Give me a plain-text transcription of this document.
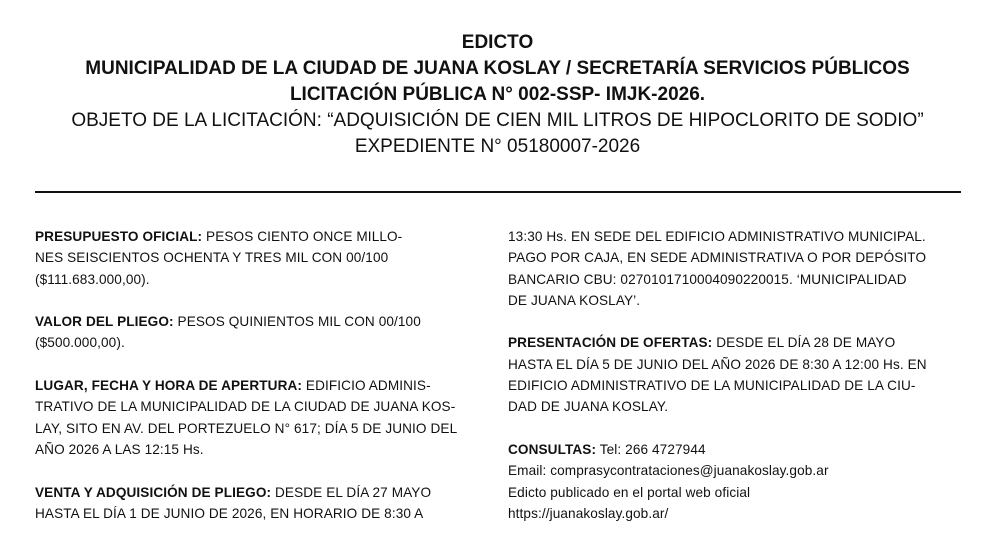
EDICTO
MUNICIPALIDAD DE LA CIUDAD DE JUANA KOSLAY / SECRETARÍA SERVICIOS PÚBLICOS
LICITACIÓN PÚBLICA N° 002-SSP- IMJK-2026.
OBJETO DE LA LICITACIÓN: “ADQUISICIÓN DE CIEN MIL LITROS DE HIPOCLORITO DE SODIO”
EXPEDIENTE N° 05180007-2026
PRESUPUESTO OFICIAL: PESOS CIENTO ONCE MILLO-
NES SEISCIENTOS OCHENTA Y TRES MIL CON 00/100
($111.683.000,00).
VALOR DEL PLIEGO: PESOS QUINIENTOS MIL CON 00/100
($500.000,00).
LUGAR, FECHA Y HORA DE APERTURA: EDIFICIO ADMINIS-
TRATIVO DE LA MUNICIPALIDAD DE LA CIUDAD DE JUANA KOS-
LAY, SITO EN AV. DEL PORTEZUELO N° 617; DÍA 5 DE JUNIO DEL
AÑO 2026 A LAS 12:15 Hs.
VENTA Y ADQUISICIÓN DE PLIEGO: DESDE EL DÍA 27 MAYO
HASTA EL DÍA 1 DE JUNIO DE 2026, EN HORARIO DE 8:30 A
13:30 Hs. EN SEDE DEL EDIFICIO ADMINISTRATIVO MUNICIPAL.
PAGO POR CAJA, EN SEDE ADMINISTRATIVA O POR DEPÓSITO
BANCARIO CBU: 0270101710004090220015. ‘MUNICIPALIDAD
DE JUANA KOSLAY’.
PRESENTACIÓN DE OFERTAS: DESDE EL DÍA 28 DE MAYO
HASTA EL DÍA 5 DE JUNIO DEL AÑO 2026 DE 8:30 A 12:00 Hs. EN
EDIFICIO ADMINISTRATIVO DE LA MUNICIPALIDAD DE LA CIU-
DAD DE JUANA KOSLAY.
CONSULTAS: Tel: 266 4727944
Email: comprasycontrataciones@juanakoslay.gob.ar
Edicto publicado en el portal web oficial
https://juanakoslay.gob.ar/
